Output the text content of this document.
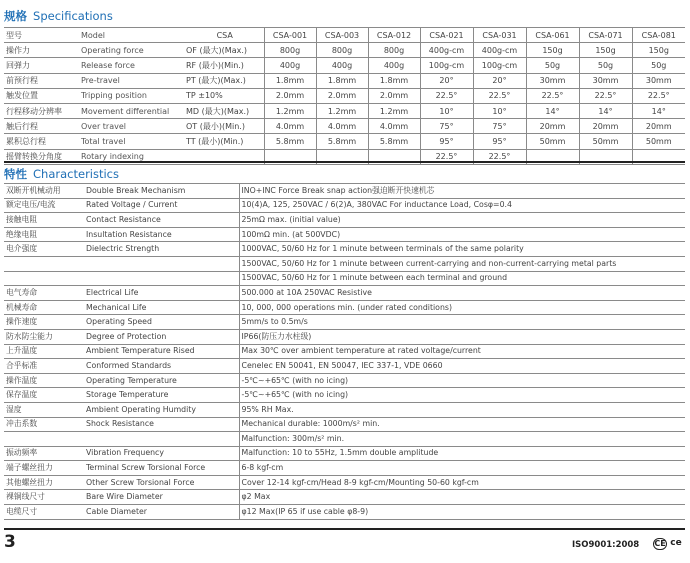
规格 Specifications
型号	Model	CSA	CSA-001	CSA-003	CSA-012	CSA-021	CSA-031	CSA-061	CSA-071	CSA-081
操作力	Operating force	OF (最大)(Max.)	800g	800g	800g	400g-cm	400g-cm	150g	150g	150g
回弹力	Release force	RF (最小)(Min.)	400g	400g	400g	100g-cm	100g-cm	50g	50g	50g
前预行程	Pre-travel	PT (最大)(Max.)	1.8mm	1.8mm	1.8mm	20°	20°	30mm	30mm	30mm
触发位置	Tripping position	TP ±10%	2.0mm	2.0mm	2.0mm	22.5°	22.5°	22.5°	22.5°	22.5°
行程移动分辨率	Movement differential	MD (最大)(Max.)	1.2mm	1.2mm	1.2mm	10°	10°	14°	14°	14°
触后行程	Over travel	OT (最小)(Min.)	4.0mm	4.0mm	4.0mm	75°	75°	20mm	20mm	20mm
累积总行程	Total travel	TT (最小)(Min.)	5.8mm	5.8mm	5.8mm	95°	95°	50mm	50mm	50mm
摇臂转换分角度	Rotary indexing					22.5°	22.5°			
特性 Characteristics
双断开机械动用	Double Break Mechanism	INO+INC Force Break snap action强迫断开快速机芯
额定电压/电流	Rated Voltage / Current	10(4)A, 125, 250VAC / 6(2)A, 380VAC For inductance Load, Cosφ=0.4
接触电阻	Contact Resistance	25mΩ max. (initial value)
绝缘电阻	Insultation Resistance	100mΩ min. (at 500VDC)
电介强度	Dielectric Strength	1000VAC, 50/60 Hz for 1 minute between terminals of the same polarity
		1500VAC, 50/60 Hz for 1 minute between current-carrying and non-current-carrying metal parts
		1500VAC, 50/60 Hz for 1 minute between each terminal and ground
电气寿命	Electrical Life	500.000 at 10A 250VAC Resistive
机械寿命	Mechanical Life	10, 000, 000 operations min. (under rated conditions)
操作速度	Operating Speed	5mm/s to 0.5m/s
防水防尘能力	Degree of Protection	IP66(防压力水柱级)
上升温度	Ambient Temperature Rised	Max 30℃ over ambient temperature at rated voltage/current
合乎标准	Conformed Standards	Cenelec EN 50041, EN 50047, IEC 337-1, VDE 0660
操作温度	Operating Temperature	-5℃~+65℃ (with no icing)
保存温度	Storage Temperature	-5℃~+65℃ (with no icing)
湿度	Ambient Operating Humdity	95% RH Max.
冲击系数	Shock Resistance	Mechanical durable: 1000m/s² min.
		Malfunction: 300m/s² min.
振动频率	Vibration Frequency	Malfunction: 10 to 55Hz, 1.5mm double amplitude
端子螺丝扭力	Terminal Screw Torsional Force	6-8 kgf-cm
其他螺丝扭力	Other Screw Torsional Force	Cover 12-14 kgf-cm/Head 8-9 kgf-cm/Mounting 50-60 kgf-cm
裸铜线尺寸	Bare Wire Diameter	φ2 Max
电缆尺寸	Cable Diameter	φ12 Max(IP 65 if use cable φ8-9)
3	ISO9001:2008 CE ce
